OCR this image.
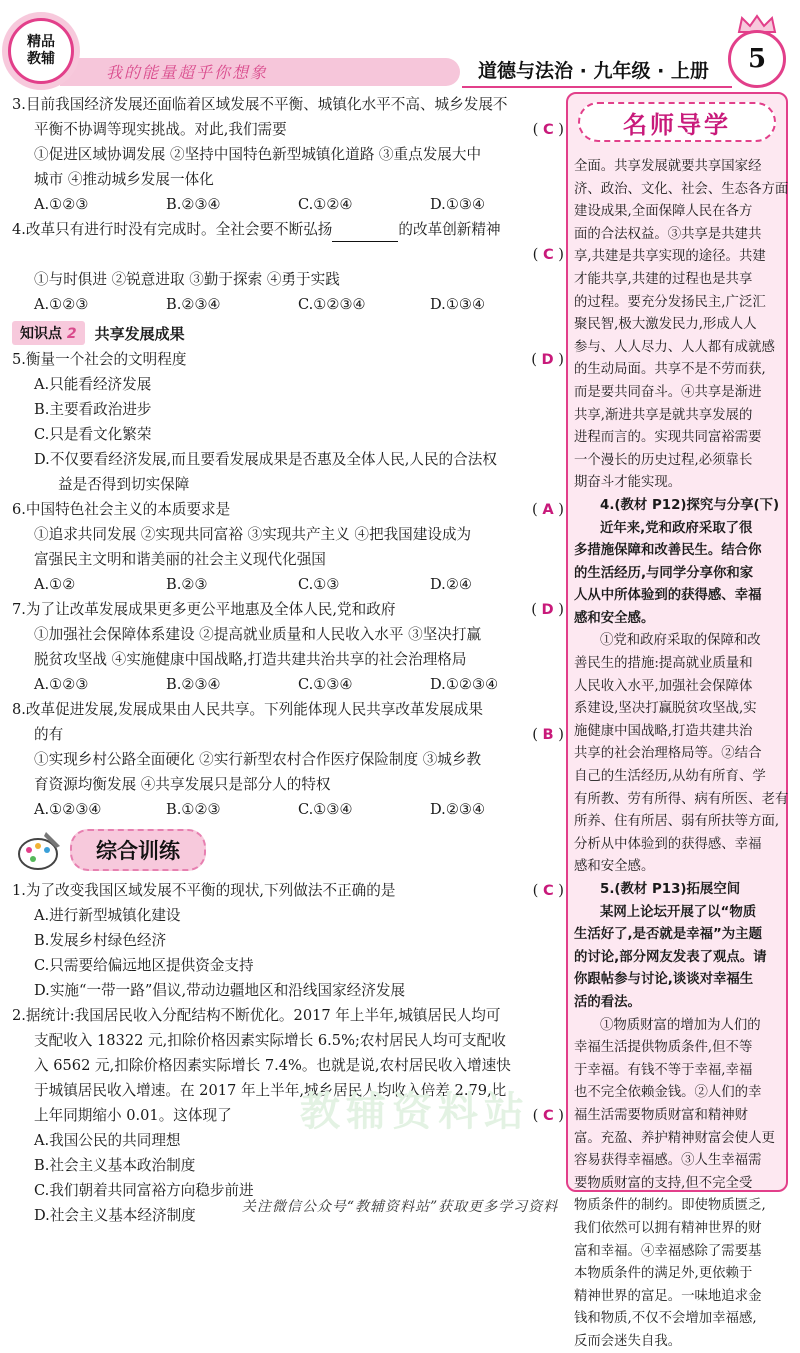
精品
教辅
我的能量超乎你想象	道德与法治 · 九年级 · 上册	5
3.目前我国经济发展还面临着区域发展不平衡、城镇化水平不高、城乡发展不
平衡不协调等现实挑战。对此,我们需要	( C )
①促进区域协调发展 ②坚持中国特色新型城镇化道路 ③重点发展大中
城市 ④推动城乡发展一体化
A.①②③	B.②③④	C.①②④	D.①③④
4.改革只有进行时没有完成时。全社会要不断弘扬	的改革创新精神
( C )
①与时俱进 ②锐意进取 ③勤于探索 ④勇于实践
A.①②③	B.②③④	C.①②③④	D.①③④
知识点 2	共享发展成果
5.衡量一个社会的文明程度	( D )
A.只能看经济发展
B.主要看政治进步
C.只是看文化繁荣
D.不仅要看经济发展,而且要看发展成果是否惠及全体人民,人民的合法权
益是否得到切实保障
6.中国特色社会主义的本质要求是	( A )
①追求共同发展 ②实现共同富裕 ③实现共产主义 ④把我国建设成为
富强民主文明和谐美丽的社会主义现代化强国
A.①②	B.②③	C.①③	D.②④
7.为了让改革发展成果更多更公平地惠及全体人民,党和政府	( D )
①加强社会保障体系建设 ②提高就业质量和人民收入水平 ③坚决打赢
脱贫攻坚战 ④实施健康中国战略,打造共建共治共享的社会治理格局
A.①②③	B.②③④	C.①③④	D.①②③④
8.改革促进发展,发展成果由人民共享。下列能体现人民共享改革发展成果
的有	( B )
①实现乡村公路全面硬化 ②实行新型农村合作医疗保险制度 ③城乡教
育资源均衡发展 ④共享发展只是部分人的特权
A.①②③④	B.①②③	C.①③④	D.②③④
综合训练
1.为了改变我国区域发展不平衡的现状,下列做法不正确的是	( C )
A.进行新型城镇化建设
B.发展乡村绿色经济
C.只需要给偏远地区提供资金支持
D.实施“一带一路”倡议,带动边疆地区和沿线国家经济发展
2.据统计:我国居民收入分配结构不断优化。2017 年上半年,城镇居民人均可
支配收入 18322 元,扣除价格因素实际增长 6.5%;农村居民人均可支配收
入 6562 元,扣除价格因素实际增长 7.4%。也就是说,农村居民收入增速快
于城镇居民收入增速。在 2017 年上半年,城乡居民人均收入倍差 2.79,比
上年同期缩小 0.01。这体现了	( C )
A.我国公民的共同理想
B.社会主义基本政治制度
C.我们朝着共同富裕方向稳步前进
D.社会主义基本经济制度
名师导学
全面。共享发展就要共享国家经
济、政治、文化、社会、生态各方面
建设成果,全面保障人民在各方
面的合法权益。③共享是共建共
享,共建是共享实现的途径。共建
才能共享,共建的过程也是共享
的过程。要充分发扬民主,广泛汇
聚民智,极大激发民力,形成人人
参与、人人尽力、人人都有成就感
的生动局面。共享不是不劳而获,
而是要共同奋斗。④共享是渐进
共享,渐进共享是就共享发展的
进程而言的。实现共同富裕需要
一个漫长的历史过程,必须靠长
期奋斗才能实现。
4.(教材 P12)探究与分享(下)
近年来,党和政府采取了很
多措施保障和改善民生。结合你
的生活经历,与同学分享你和家
人从中所体验到的获得感、幸福
感和安全感。
①党和政府采取的保障和改
善民生的措施:提高就业质量和
人民收入水平,加强社会保障体
系建设,坚决打赢脱贫攻坚战,实
施健康中国战略,打造共建共治
共享的社会治理格局等。②结合
自己的生活经历,从幼有所育、学
有所教、劳有所得、病有所医、老有
所养、住有所居、弱有所扶等方面,
分析从中体验到的获得感、幸福
感和安全感。
5.(教材 P13)拓展空间
某网上论坛开展了以“物质
生活好了,是否就是幸福”为主题
的讨论,部分网友发表了观点。请
你跟帖参与讨论,谈谈对幸福生
活的看法。
①物质财富的增加为人们的
幸福生活提供物质条件,但不等
于幸福。有钱不等于幸福,幸福
也不完全依赖金钱。②人们的幸
福生活需要物质财富和精神财
富。充盈、养护精神财富会使人更
容易获得幸福感。③人生幸福需
要物质财富的支持,但不完全受
物质条件的制约。即使物质匮乏,
我们依然可以拥有精神世界的财
富和幸福。④幸福感除了需要基
本物质条件的满足外,更依赖于
精神世界的富足。一味地追求金
钱和物质,不仅不会增加幸福感,
反而会迷失自我。
教辅资料站
关注微信公众号“教辅资料站”获取更多学习资料
